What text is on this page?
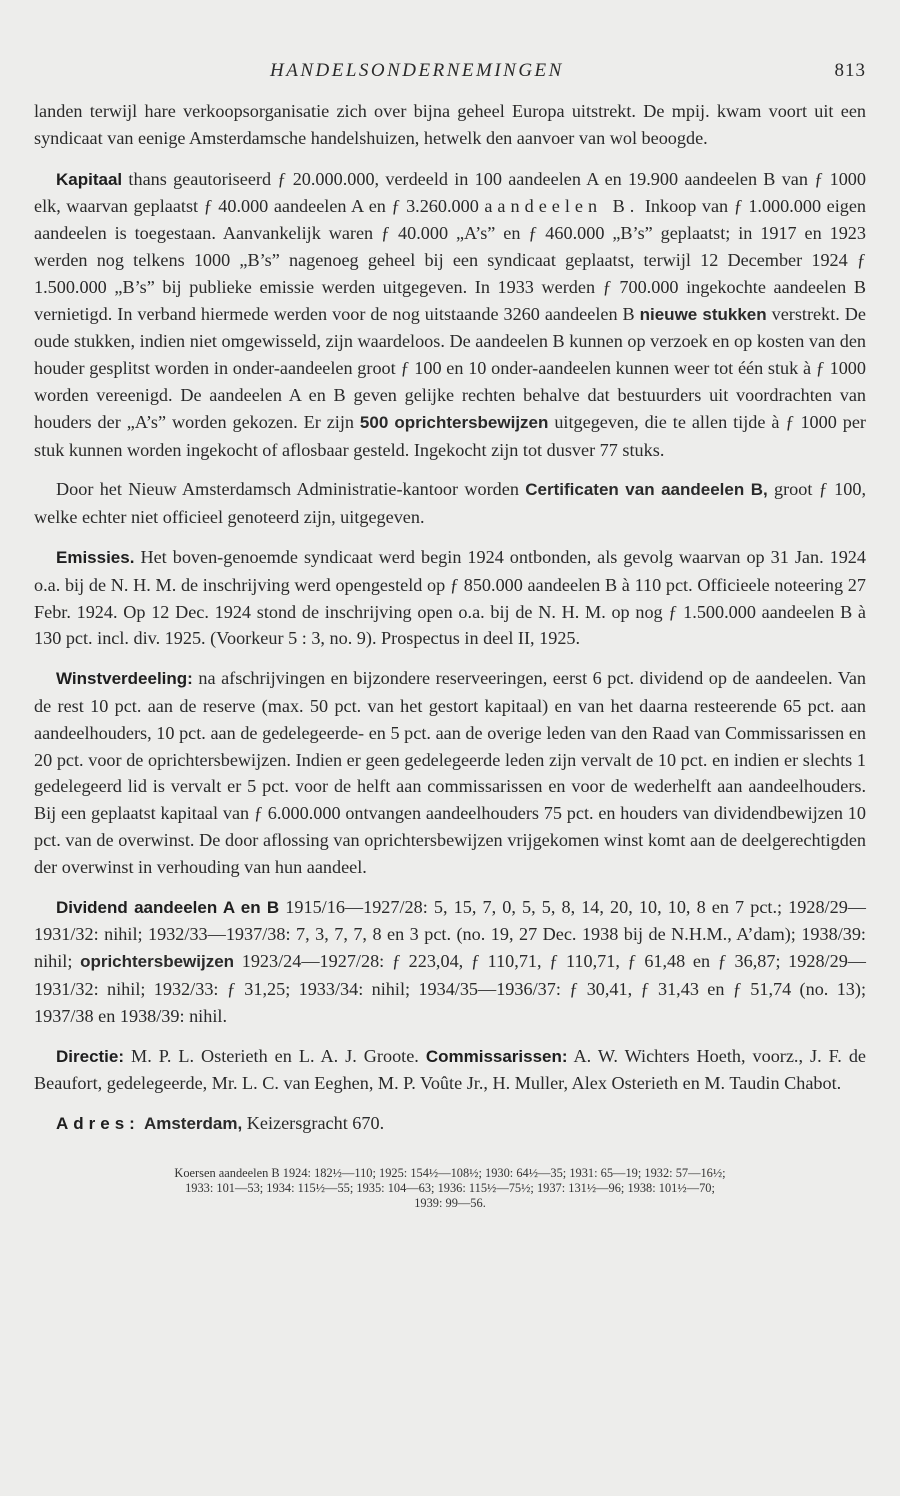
HANDELSONDERNEMINGEN	813

landen terwijl hare verkoopsorganisatie zich over bijna geheel Europa uitstrekt. De mpij. kwam voort uit een syndicaat van eenige Amsterdamsche handelshuizen, hetwelk den aanvoer van wol beoogde.

Kapitaal thans geautoriseerd ƒ 20.000.000, verdeeld in 100 aandeelen A en 19.900 aandeelen B van ƒ 1000 elk, waarvan geplaatst ƒ 40.000 aandeelen A en ƒ 3.260.000 aandeelen B. Inkoop van ƒ 1.000.000 eigen aandeelen is toegestaan. Aanvankelijk waren ƒ 40.000 „A’s” en ƒ 460.000 „B’s” geplaatst; in 1917 en 1923 werden nog telkens 1000 „B’s” nagenoeg geheel bij een syndicaat geplaatst, terwijl 12 December 1924 ƒ 1.500.000 „B’s” bij publieke emissie werden uitgegeven. In 1933 werden ƒ 700.000 ingekochte aandeelen B vernietigd. In verband hiermede werden voor de nog uitstaande 3260 aandeelen B nieuwe stukken verstrekt. De oude stukken, indien niet omgewisseld, zijn waardeloos. De aandeelen B kunnen op verzoek en op kosten van den houder gesplitst worden in onder-aandeelen groot ƒ 100 en 10 onder-aandeelen kunnen weer tot één stuk à ƒ 1000 worden vereenigd. De aandeelen A en B geven gelijke rechten behalve dat bestuurders uit voordrachten van houders der „A’s” worden gekozen. Er zijn 500 oprichtersbewijzen uitgegeven, die te allen tijde à ƒ 1000 per stuk kunnen worden ingekocht of aflosbaar gesteld. Ingekocht zijn tot dusver 77 stuks.

Door het Nieuw Amsterdamsch Administratie-kantoor worden Certificaten van aandeelen B, groot ƒ 100, welke echter niet officieel genoteerd zijn, uitgegeven.

Emissies. Het boven-genoemde syndicaat werd begin 1924 ontbonden, als gevolg waarvan op 31 Jan. 1924 o.a. bij de N. H. M. de inschrijving werd opengesteld op ƒ 850.000 aandeelen B à 110 pct. Officieele noteering 27 Febr. 1924. Op 12 Dec. 1924 stond de inschrijving open o.a. bij de N. H. M. op nog ƒ 1.500.000 aandeelen B à 130 pct. incl. div. 1925. (Voorkeur 5 : 3, no. 9). Prospectus in deel II, 1925.

Winstverdeeling: na afschrijvingen en bijzondere reserveeringen, eerst 6 pct. dividend op de aandeelen. Van de rest 10 pct. aan de reserve (max. 50 pct. van het gestort kapitaal) en van het daarna resteerende 65 pct. aan aandeelhouders, 10 pct. aan de gedelegeerde- en 5 pct. aan de overige leden van den Raad van Commissarissen en 20 pct. voor de oprichtersbewijzen. Indien er geen gedelegeerde leden zijn vervalt de 10 pct. en indien er slechts 1 gedelegeerd lid is vervalt er 5 pct. voor de helft aan commissarissen en voor de wederhelft aan aandeelhouders. Bij een geplaatst kapitaal van ƒ 6.000.000 ontvangen aandeelhouders 75 pct. en houders van dividendbewijzen 10 pct. van de overwinst. De door aflossing van oprichtersbewijzen vrijgekomen winst komt aan de deelgerechtigden der overwinst in verhouding van hun aandeel.

Dividend aandeelen A en B 1915/16—1927/28: 5, 15, 7, 0, 5, 5, 8, 14, 20, 10, 10, 8 en 7 pct.; 1928/29—1931/32: nihil; 1932/33—1937/38: 7, 3, 7, 7, 8 en 3 pct. (no. 19, 27 Dec. 1938 bij de N.H.M., A’dam); 1938/39: nihil; oprichtersbewijzen 1923/24—1927/28: ƒ 223,04, ƒ 110,71, ƒ 110,71, ƒ 61,48 en ƒ 36,87; 1928/29—1931/32: nihil; 1932/33: ƒ 31,25; 1933/34: nihil; 1934/35—1936/37: ƒ 30,41, ƒ 31,43 en ƒ 51,74 (no. 13); 1937/38 en 1938/39: nihil.

Directie: M. P. L. Osterieth en L. A. J. Groote. Commissarissen: A. W. Wichters Hoeth, voorz., J. F. de Beaufort, gedelegeerde, Mr. L. C. van Eeghen, M. P. Voûte Jr., H. Muller, Alex Osterieth en M. Taudin Chabot.

Adres: Amsterdam, Keizersgracht 670.

Koersen aandeelen B 1924: 182½—110; 1925: 154½—108½; 1930: 64½—35; 1931: 65—19; 1932: 57—16½;
1933: 101—53; 1934: 115½—55; 1935: 104—63; 1936: 115½—75½; 1937: 131½—96; 1938: 101½—70;
1939: 99—56.
